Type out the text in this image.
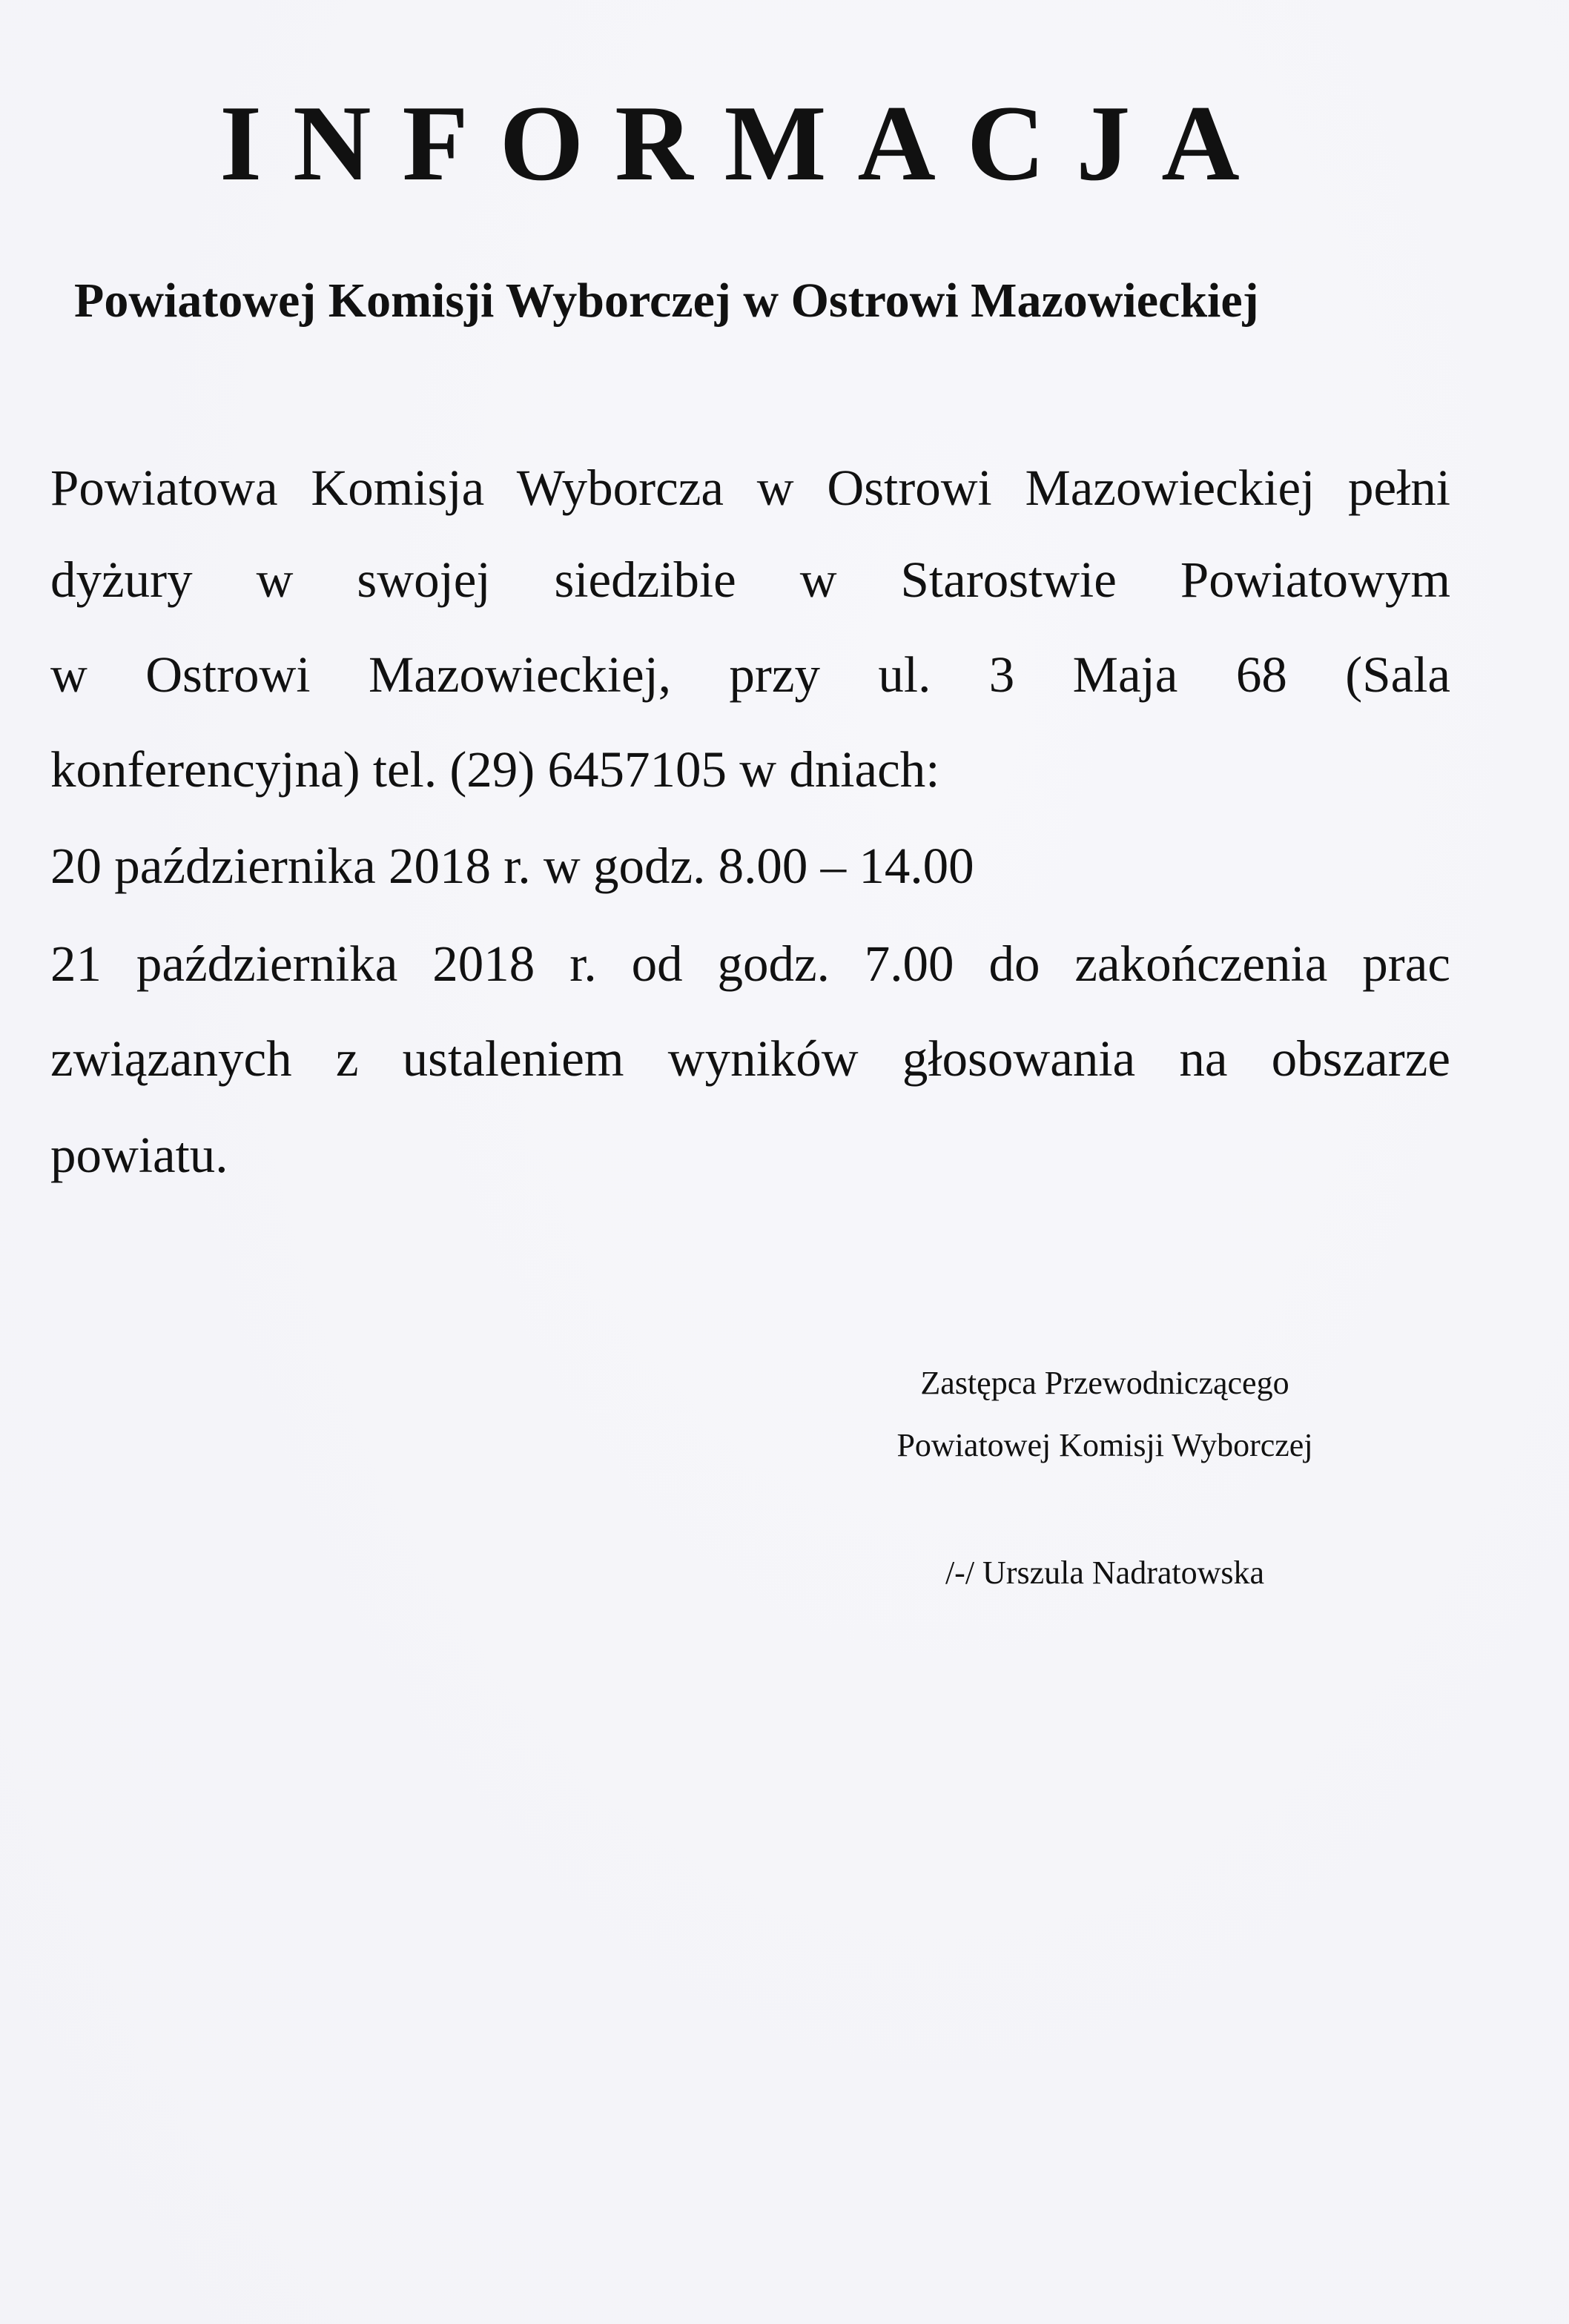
INFORMACJA
Powiatowej Komisji Wyborczej w Ostrowi Mazowieckiej

Powiatowa Komisja Wyborcza w Ostrowi Mazowieckiej pełni

dyżury w swojej siedzibie w Starostwie Powiatowym

w Ostrowi Mazowieckiej, przy ul. 3 Maja 68 (Sala

konferencyjna) tel. (29) 6457105 w dniach:

20 października 2018 r. w godz. 8.00 – 14.00

21 października 2018 r. od godz. 7.00 do zakończenia prac

związanych z ustaleniem wyników głosowania na obszarze

powiatu.

Zastępca Przewodniczącego

Powiatowej Komisji Wyborczej

/-/ Urszula Nadratowska
